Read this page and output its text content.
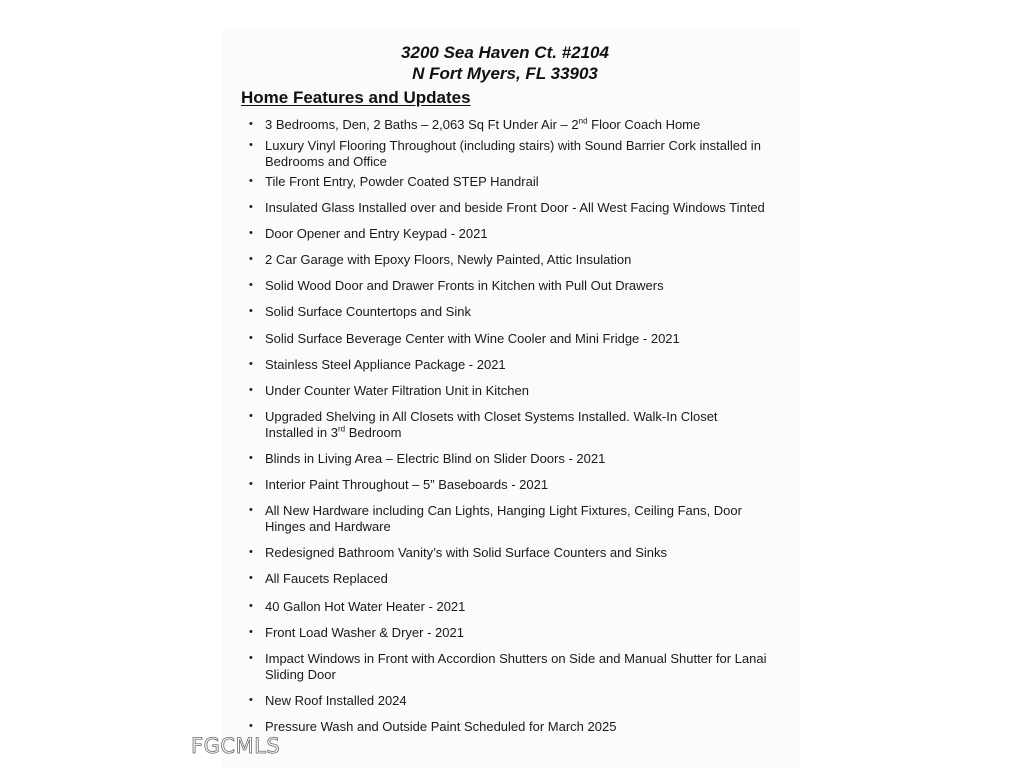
3200 Sea Haven Ct. #2104
N Fort Myers, FL 33903
Home Features and Updates
• 3 Bedrooms, Den, 2 Baths – 2,063 Sq Ft Under Air – 2nd Floor Coach Home
• Luxury Vinyl Flooring Throughout (including stairs) with Sound Barrier Cork installed in
Bedrooms and Office
• Tile Front Entry, Powder Coated STEP Handrail
• Insulated Glass Installed over and beside Front Door - All West Facing Windows Tinted
• Door Opener and Entry Keypad - 2021
• 2 Car Garage with Epoxy Floors, Newly Painted, Attic Insulation
• Solid Wood Door and Drawer Fronts in Kitchen with Pull Out Drawers
• Solid Surface Countertops and Sink
• Solid Surface Beverage Center with Wine Cooler and Mini Fridge - 2021
• Stainless Steel Appliance Package - 2021
• Under Counter Water Filtration Unit in Kitchen
• Upgraded Shelving in All Closets with Closet Systems Installed. Walk-In Closet
Installed in 3rd Bedroom
• Blinds in Living Area – Electric Blind on Slider Doors - 2021
• Interior Paint Throughout – 5” Baseboards - 2021
• All New Hardware including Can Lights, Hanging Light Fixtures, Ceiling Fans, Door
Hinges and Hardware
• Redesigned Bathroom Vanity’s with Solid Surface Counters and Sinks
• All Faucets Replaced
• 40 Gallon Hot Water Heater - 2021
• Front Load Washer & Dryer - 2021
• Impact Windows in Front with Accordion Shutters on Side and Manual Shutter for Lanai
Sliding Door
• New Roof Installed 2024
• Pressure Wash and Outside Paint Scheduled for March 2025
FGCMLS
